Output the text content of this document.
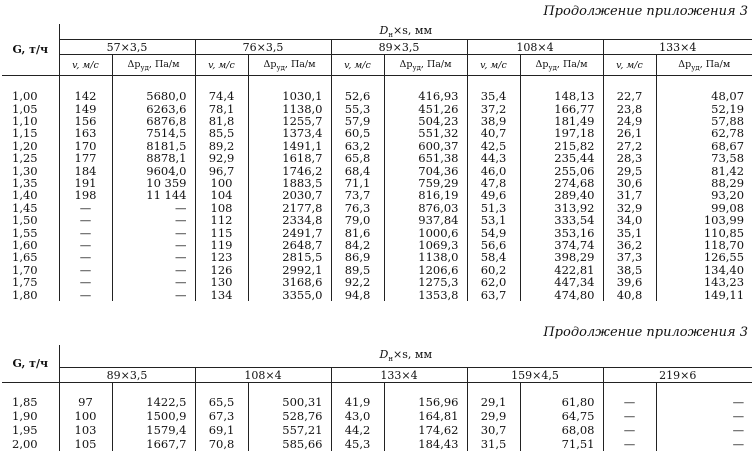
Продолжение приложения 3
G, т/ч	$D_н\times s$, мм									
	57×3,5		76×3,5		89×3,5		108×4		133×4	
	v, м/с	$\Delta p_{уд}$, Па/м	v, м/с	$\Delta p_{уд}$, Па/м	v, м/с	$\Delta p_{уд}$, Па/м	v, м/с	$\Delta p_{уд}$, Па/м	v, м/с	$\Delta p_{уд}$, Па/м

1,00	142	5680,0	74,4	1030,1	52,6	416,93	35,4	148,13	22,7	48,07
1,05	149	6263,6	78,1	1138,0	55,3	451,26	37,2	166,77	23,8	52,19
1,10	156	6876,8	81,8	1255,7	57,9	504,23	38,9	181,49	24,9	57,88
1,15	163	7514,5	85,5	1373,4	60,5	551,32	40,7	197,18	26,1	62,78
1,20	170	8181,5	89,2	1491,1	63,2	600,37	42,5	215,82	27,2	68,67
1,25	177	8878,1	92,9	1618,7	65,8	651,38	44,3	235,44	28,3	73,58
1,30	184	9604,0	96,7	1746,2	68,4	704,36	46,0	255,06	29,5	81,42
1,35	191	10 359	100	1883,5	71,1	759,29	47,8	274,68	30,6	88,29
1,40	198	11 144	104	2030,7	73,7	816,19	49,6	289,40	31,7	93,20
1,45	—	—	108	2177,8	76,3	876,03	51,3	313,92	32,9	99,08
1,50	—	—	112	2334,8	79,0	937,84	53,1	333,54	34,0	103,99
1,55	—	—	115	2491,7	81,6	1000,6	54,9	353,16	35,1	110,85
1,60	—	—	119	2648,7	84,2	1069,3	56,6	374,74	36,2	118,70
1,65	—	—	123	2815,5	86,9	1138,0	58,4	398,29	37,3	126,55
1,70	—	—	126	2992,1	89,5	1206,6	60,2	422,81	38,5	134,40
1,75	—	—	130	3168,6	92,2	1275,3	62,0	447,34	39,6	143,23
1,80	—	—	134	3355,0	94,8	1353,8	63,7	474,80	40,8	149,11
Продолжение приложения 3
G, т/ч	$D_н\times s$, мм									
	89×3,5		108×4		133×4		159×4,5		219×6	

1,85	97	1422,5	65,5	500,31	41,9	156,96	29,1	61,80	—	—
1,90	100	1500,9	67,3	528,76	43,0	164,81	29,9	64,75	—	—
1,95	103	1579,4	69,1	557,21	44,2	174,62	30,7	68,08	—	—
2,00	105	1667,7	70,8	585,66	45,3	184,43	31,5	71,51	—	—
